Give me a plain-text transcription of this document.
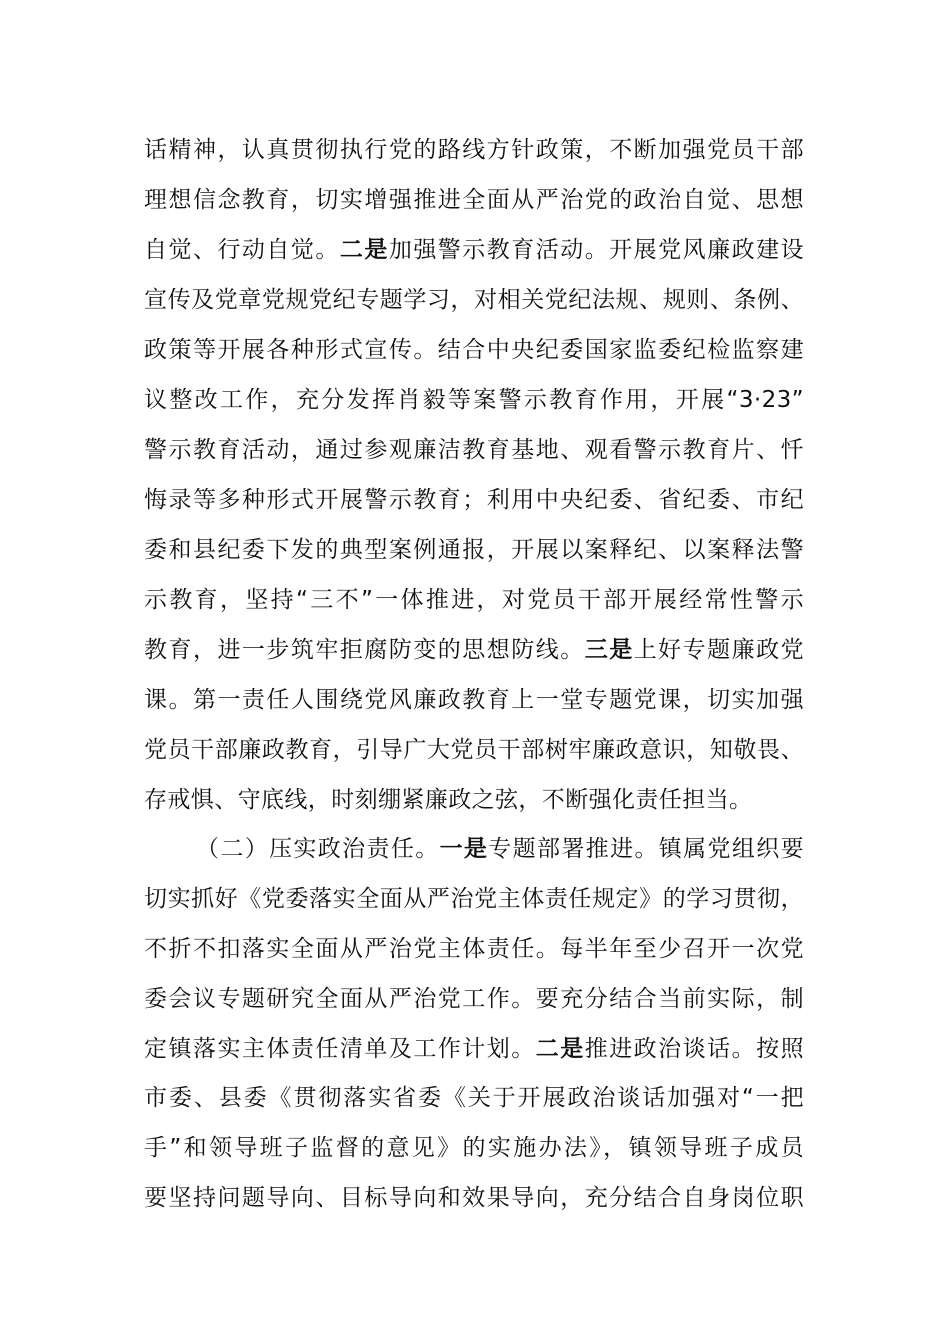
话精神，认真贯彻执行党的路线方针政策，不断加强党员干部
理想信念教育，切实增强推进全面从严治党的政治自觉、思想
自觉、行动自觉。二是加强警示教育活动。开展党风廉政建设
宣传及党章党规党纪专题学习，对相关党纪法规、规则、条例、
政策等开展各种形式宣传。结合中央纪委国家监委纪检监察建
议整改工作，充分发挥肖毅等案警示教育作用，开展“3·23”
警示教育活动，通过参观廉洁教育基地、观看警示教育片、忏
悔录等多种形式开展警示教育；利用中央纪委、省纪委、市纪
委和县纪委下发的典型案例通报，开展以案释纪、以案释法警
示教育，坚持“三不”一体推进，对党员干部开展经常性警示
教育，进一步筑牢拒腐防变的思想防线。三是上好专题廉政党
课。第一责任人围绕党风廉政教育上一堂专题党课，切实加强
党员干部廉政教育，引导广大党员干部树牢廉政意识，知敬畏、
存戒惧、守底线，时刻绷紧廉政之弦，不断强化责任担当。
（二）压实政治责任。一是专题部署推进。镇属党组织要
切实抓好《党委落实全面从严治党主体责任规定》的学习贯彻，
不折不扣落实全面从严治党主体责任。每半年至少召开一次党
委会议专题研究全面从严治党工作。要充分结合当前实际，制
定镇落实主体责任清单及工作计划。二是推进政治谈话。按照
市委、县委《贯彻落实省委《关于开展政治谈话加强对“一把
手”和领导班子监督的意见》的实施办法》，镇领导班子成员
要坚持问题导向、目标导向和效果导向，充分结合自身岗位职
